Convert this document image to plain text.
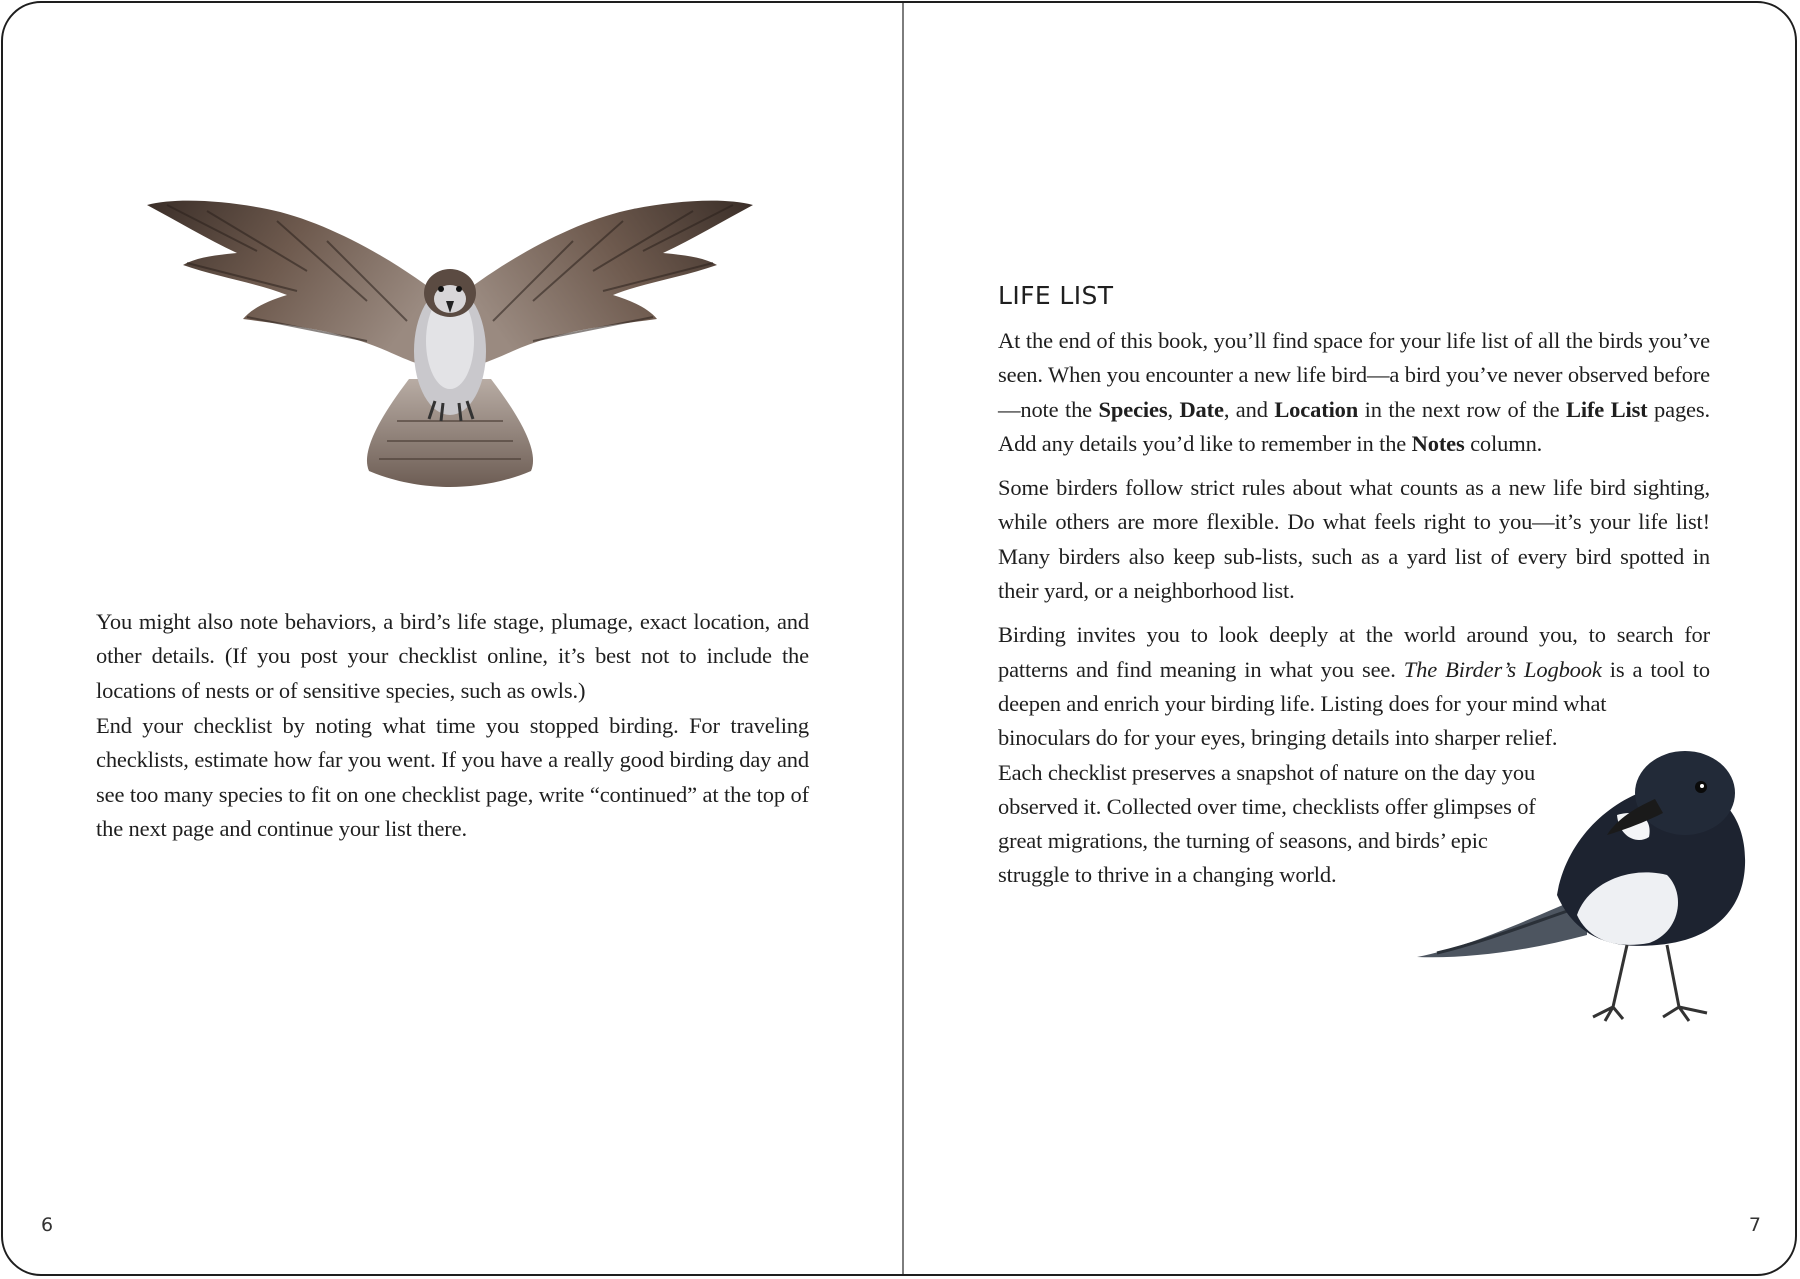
You might also note behaviors, a bird’s life stage, plumage, exact location, and other details. (If you post your checklist online, it’s best not to include the locations of nests or of sensitive species, such as owls.)

End your checklist by noting what time you stopped birding. For traveling checklists, estimate how far you went. If you have a really good birding day and see too many species to fit on one checklist page, write “continued” at the top of the next page and continue your list there.

6
LIFE LIST

At the end of this book, you’ll find space for your life list of all the birds you’ve seen. When you encounter a new life bird—a bird you’ve never observed before—note the Species, Date, and Location in the next row of the Life List pages. Add any details you’d like to remember in the Notes column.

Some birders follow strict rules about what counts as a new life bird sighting, while others are more flexible. Do what feels right to you—it’s your life list! Many birders also keep sub-lists, such as a yard list of every bird spotted in their yard, or a neighborhood list.

Birding invites you to look deeply at the world around you, to search for patterns and find meaning in what you see. The Birder’s Logbook is a tool to deepen and enrich your birding life. Listing does for your mind what

binoculars do for your eyes, bringing details into sharper relief.
Each checklist preserves a snapshot of nature on the day you
observed it. Collected over time, checklists offer glimpses of
great migrations, the turning of seasons, and birds’ epic
struggle to thrive in a changing world.
7
